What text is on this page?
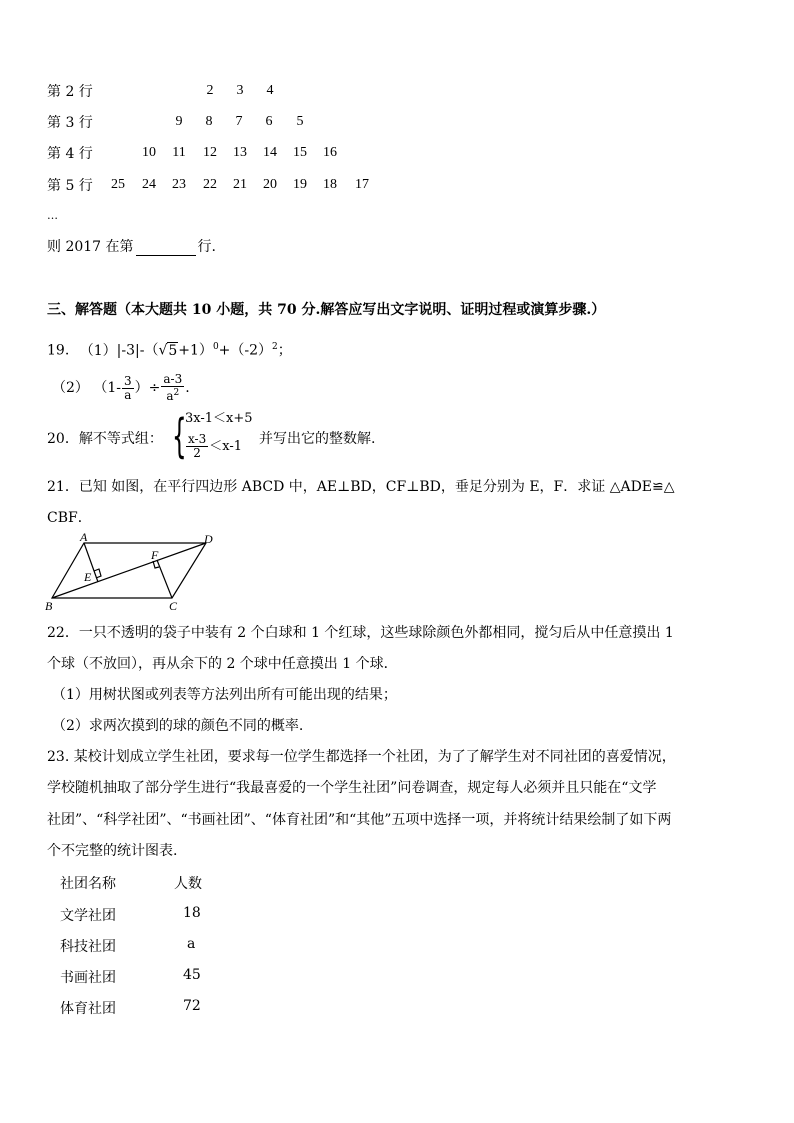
第 2 行	2	3	4
第 3 行	9	8	7	6	5
第 4 行	10	11	12	13	14	15	16
第 5 行	25	24	23	22	21	20	19	18	17
…
则 2017 在第	行.
三、解答题（本大题共 10 小题，共 70 分.解答应写出文字说明、证明过程或演算步骤.）
19. $(1)|-3|-(√5+1)^0+(-2)^2$；
（2） （$1- \frac{3}{a}$ ）÷ $\frac{a-3}{a^2}$ .
20．解不等式组： {
3x-1＜x+5
$\frac{x-3}{2} <x-1$ 并写出它的整数解.
21．已知 如图，在平行四边形 ABCD 中，AE⊥BD，CF⊥BD，垂足分别为 E，F．求证 △ADE≌△
CBF．
A	D
F
E
B	C
22．一只不透明的袋子中装有 2 个白球和 1 个红球，这些球除颜色外都相同，搅匀后从中任意摸出 1
个球（不放回），再从余下的 2 个球中任意摸出 1 个球．
（1）用树状图或列表等方法列出所有可能出现的结果；
（2）求两次摸到的球的颜色不同的概率.
23. 某校计划成立学生社团，要求每一位学生都选择一个社团，为了了解学生对不同社团的喜爱情况，
学校随机抽取了部分学生进行“我最喜爱的一个学生社团”问卷调查，规定每人必须并且只能在“文学
社团”、“科学社团”、“书画社团”、“体育社团”和“其他”五项中选择一项，并将统计结果绘制了如下两
个不完整的统计图表.
社团名称	人数
文学社团	18
科技社团	a
书画社团	45
体育社团	72
